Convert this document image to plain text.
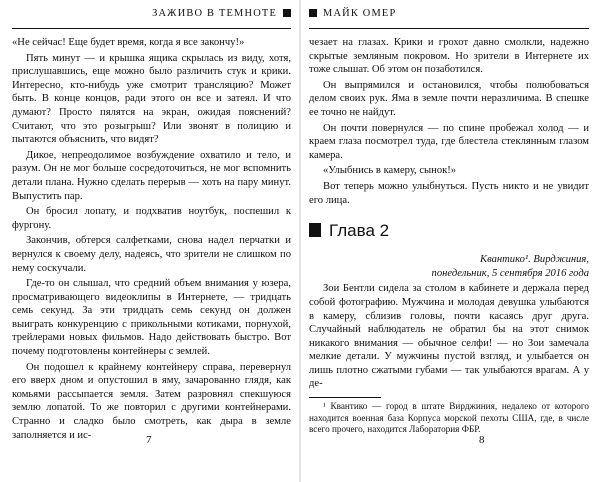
ЗАЖИВО В ТЕМНОТЕ

«Не сейчас! Еще будет время, когда я все закончу!»

Пять минут — и крышка ящика скрылась из виду, хотя, прислушавшись, еще можно было различить стук и крики. Интересно, кто-нибудь уже смотрит трансляцию? Может быть. В конце концов, ради этого он все и затеял. И что думают? Просто пялятся на экран, ожидая пояснений? Считают, что это розыгрыш? Или звонят в полицию и пытаются объяснить, что видят?

Дикое, непреодолимое возбуждение охватило и тело, и разум. Он не мог больше сосредоточиться, не мог вспомнить детали плана. Нужно сделать перерыв — хоть на пару минут. Выпустить пар.

Он бросил лопату, и подхватив ноутбук, поспешил к фургону.

Закончив, обтерся салфетками, снова надел перчатки и вернулся к своему делу, надеясь, что зрители не слишком по нему соскучали.

Где-то он слышал, что средний объем внимания у юзера, просматривающего видеоклипы в Интернете, — тридцать семь секунд. За эти тридцать семь секунд он должен выиграть конкуренцию с прикольными котиками, порнухой, трейлерами новых фильмов. Надо действовать быстро. Вот почему подготовлены контейнеры с землей.

Он подошел к крайнему контейнеру справа, перевернул его вверх дном и опустошил в яму, зачарованно глядя, как комьями рассыпается земля. Затем разровнял спекшуюся землю лопатой. То же повторил с другими контейнерами. Странно и сладко было смотреть, как дыра в земле заполняется и ис-	7
МАЙК ОМЕР

чезает на глазах. Крики и грохот давно смолкли, надежно скрытые земляным покровом. Но зрители в Интернете их тоже слышат. Об этом он позаботился.

Он выпрямился и остановился, чтобы полюбоваться делом своих рук. Яма в земле почти неразличима. В спешке ее точно не найдут.

Он почти повернулся — по спине пробежал холод — и краем глаза посмотрел туда, где блестела стеклянным глазом камера.

«Улыбнись в камеру, сынок!»

Вот теперь можно улыбнуться. Пусть никто и не увидит его лица.

Глава 2

Квантико¹. Вирджиния,
понедельник, 5 сентября 2016 года

Зои Бентли сидела за столом в кабинете и держала перед собой фотографию. Мужчина и молодая девушка улыбаются в камеру, сблизив головы, почти касаясь друг друга. Случайный наблюдатель не обратил бы на этот снимок никакого внимания — обычное селфи! — но Зои замечала мелкие детали. У мужчины пустой взгляд, и улыбается он лишь плотно сжатыми губами — так улыбаются врагам. А у де-

¹ Квантико — город в штате Вирджиния, недалеко от которого находится военная база Корпуса морской пехоты США, где, в числе всего прочего, находится Лаборатория ФБР.

8
